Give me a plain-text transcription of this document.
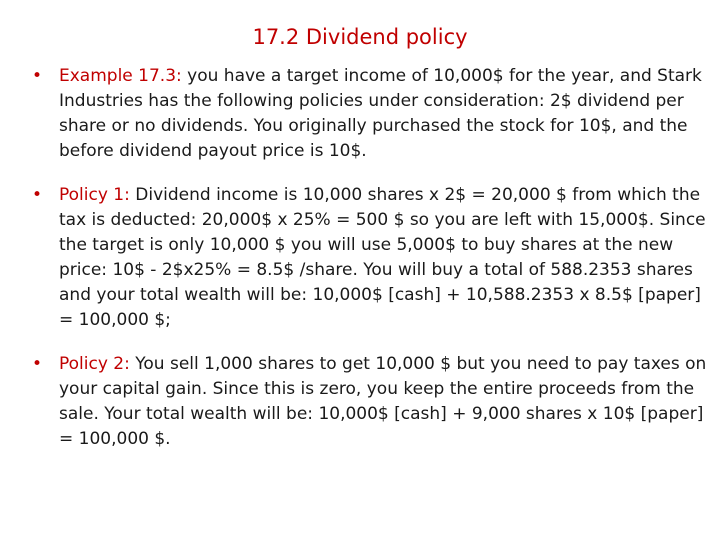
17.2 Dividend policy
• Example 17.3: you have a target income of 10,000$ for the year, and Stark Industries has the following policies under consideration: 2$ dividend per share or no dividends. You originally purchased the stock for 10$, and the before dividend payout price is 10$.
• Policy 1: Dividend income is 10,000 shares x 2$ = 20,000 $ from which the tax is deducted: 20,000$ x 25% = 500 $ so you are left with 15,000$. Since the target is only 10,000 $ you will use 5,000$ to buy shares at the new price: 10$ - 2$x25% = 8.5$ /share. You will buy a total of 588.2353 shares and your total wealth will be: 10,000$ [cash] + 10,588.2353 x 8.5$ [paper] = 100,000 $;
• Policy 2: You sell 1,000 shares to get 10,000 $ but you need to pay taxes on your capital gain. Since this is zero, you keep the entire proceeds from the sale. Your total wealth will be: 10,000$ [cash] + 9,000 shares x 10$ [paper] = 100,000 $.
